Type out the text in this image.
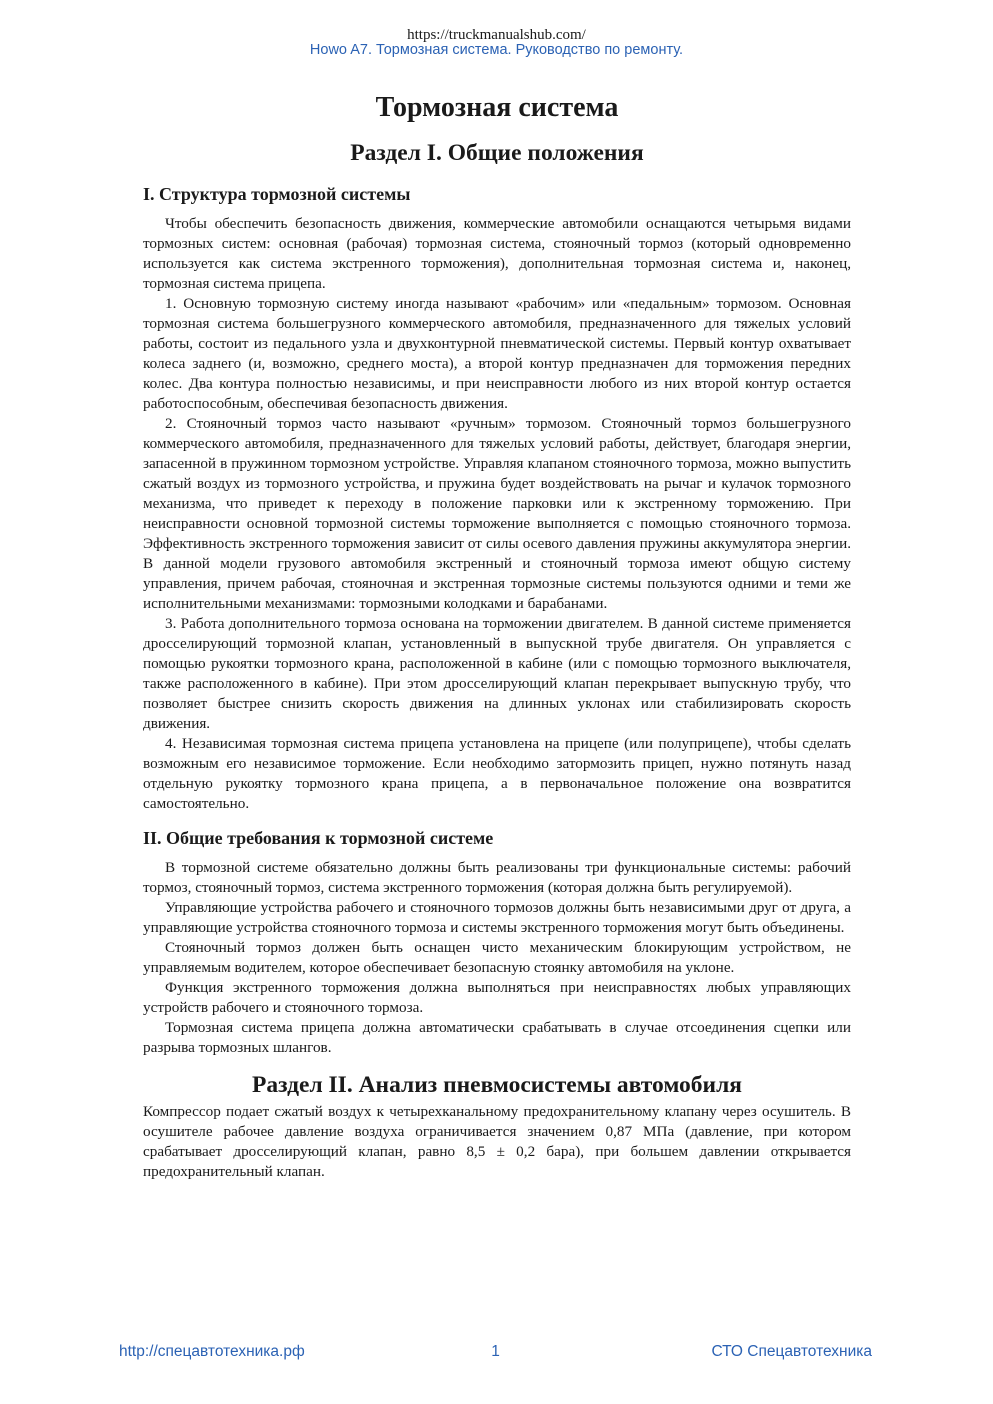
https://truckmanualshub.com/
Howo A7. Тормозная система. Руководство по ремонту.
Тормозная система
Раздел I. Общие положения
I. Структура тормозной системы

Чтобы обеспечить безопасность движения, коммерческие автомобили оснащаются четырьмя видами тормозных систем: основная (рабочая) тормозная система, стояночный тормоз (который одновременно используется как система экстренного торможения), дополнительная тормозная система и, наконец, тормозная система прицепа.

1. Основную тормозную систему иногда называют «рабочим» или «педальным» тормозом. Основная тормозная система большегрузного коммерческого автомобиля, предназначенного для тяжелых условий работы, состоит из педального узла и двухконтурной пневматической системы. Первый контур охватывает колеса заднего (и, возможно, среднего моста), а второй контур предназначен для торможения передних колес. Два контура полностью независимы, и при неисправности любого из них второй контур остается работоспособным, обеспечивая безопасность движения.

2. Стояночный тормоз часто называют «ручным» тормозом. Стояночный тормоз большегрузного коммерческого автомобиля, предназначенного для тяжелых условий работы, действует, благодаря энергии, запасенной в пружинном тормозном устройстве. Управляя клапаном стояночного тормоза, можно выпустить сжатый воздух из тормозного устройства, и пружина будет воздействовать на рычаг и кулачок тормозного механизма, что приведет к переходу в положение парковки или к экстренному торможению. При неисправности основной тормозной системы торможение выполняется с помощью стояночного тормоза. Эффективность экстренного торможения зависит от силы осевого давления пружины аккумулятора энергии. В данной модели грузового автомобиля экстренный и стояночный тормоза имеют общую систему управления, причем рабочая, стояночная и экстренная тормозные системы пользуются одними и теми же исполнительными механизмами: тормозными колодками и барабанами.

3. Работа дополнительного тормоза основана на торможении двигателем. В данной системе применяется дросселирующий тормозной клапан, установленный в выпускной трубе двигателя. Он управляется с помощью рукоятки тормозного крана, расположенной в кабине (или с помощью тормозного выключателя, также расположенного в кабине). При этом дросселирующий клапан перекрывает выпускную трубу, что позволяет быстрее снизить скорость движения на длинных уклонах или стабилизировать скорость движения.

4. Независимая тормозная система прицепа установлена на прицепе (или полуприцепе), чтобы сделать возможным его независимое торможение. Если необходимо затормозить прицеп, нужно потянуть назад отдельную рукоятку тормозного крана прицепа, а в первоначальное положение она возвратится самостоятельно.

II. Общие требования к тормозной системе

В тормозной системе обязательно должны быть реализованы три функциональные системы: рабочий тормоз, стояночный тормоз, система экстренного торможения (которая должна быть регулируемой).

Управляющие устройства рабочего и стояночного тормозов должны быть независимыми друг от друга, а управляющие устройства стояночного тормоза и системы экстренного торможения могут быть объединены.

Стояночный тормоз должен быть оснащен чисто механическим блокирующим устройством, не управляемым водителем, которое обеспечивает безопасную стоянку автомобиля на уклоне.

Функция экстренного торможения должна выполняться при неисправностях любых управляющих устройств рабочего и стояночного тормоза.

Тормозная система прицепа должна автоматически срабатывать в случае отсоединения сцепки или разрыва тормозных шлангов.

Раздел II. Анализ пневмосистемы автомобиля

Компрессор подает сжатый воздух к четырехканальному предохранительному клапану через осушитель. В осушителе рабочее давление воздуха ограничивается значением 0,87 МПа (давление, при котором срабатывает дросселирующий клапан, равно 8,5 ± 0,2 бара), при большем давлении открывается предохранительный клапан.

http://спецавтотехника.рф	1	СТО Спецавтотехника
